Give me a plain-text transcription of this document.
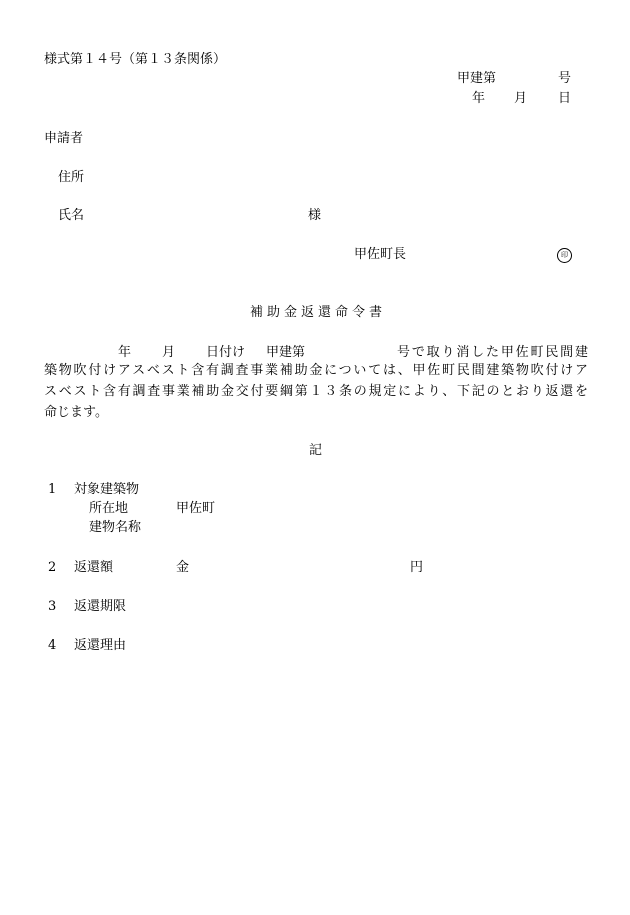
様式第１４号（第１３条関係）
甲建第	号
年 月 日
申請者
住所
氏名	様
甲佐町長	印
補助金返還命令書
年 月 日付け 甲建第	号で取り消した甲佐町民間建
築物吹付けアスベスト含有調査事業補助金については、甲佐町民間建築物吹付けア
スベスト含有調査事業補助金交付要綱第１３条の規定により、下記のとおり返還を
命じます。
記
1 対象建築物
所在地	甲佐町
建物名称
2 返還額	金	円
3 返還期限
4 返還理由
